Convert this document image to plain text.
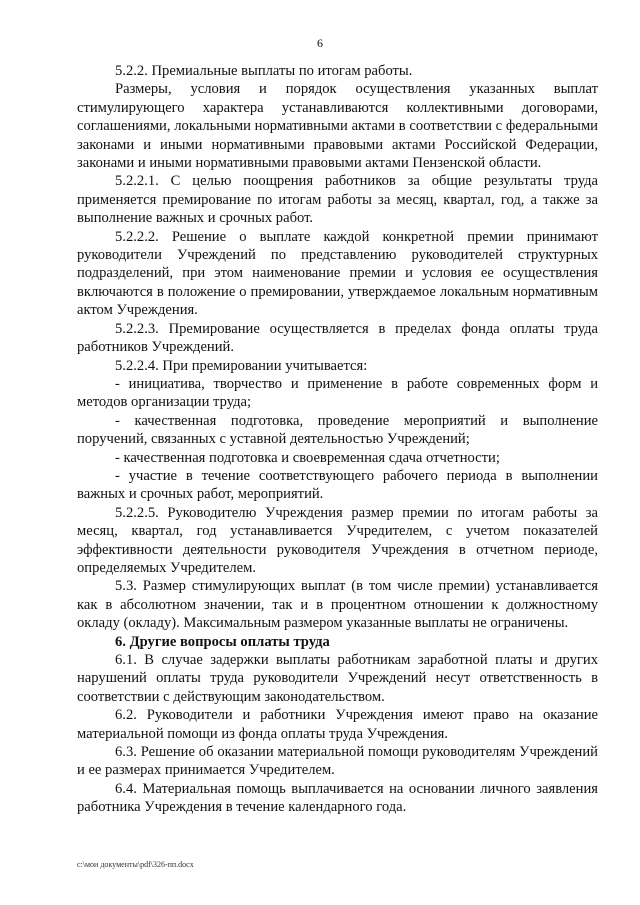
6

5.2.2. Премиальные выплаты по итогам работы.

Размеры, условия и порядок осуществления указанных выплат стимулирующего характера устанавливаются коллективными договорами, соглашениями, локальными нормативными актами в соответствии с федеральными законами и иными нормативными правовыми актами Российской Федерации, законами и иными нормативными правовыми актами Пензенской области.

5.2.2.1. С целью поощрения работников за общие результаты труда применяется премирование по итогам работы за месяц, квартал, год, а также за выполнение важных и срочных работ.

5.2.2.2. Решение о выплате каждой конкретной премии принимают руководители Учреждений по представлению руководителей структурных подразделений, при этом наименование премии и условия ее осуществления включаются в положение о премировании, утверждаемое локальным нормативным актом Учреждения.

5.2.2.3. Премирование осуществляется в пределах фонда оплаты труда работников Учреждений.

5.2.2.4. При премировании учитывается:

- инициатива, творчество и применение в работе современных форм и методов организации труда;

- качественная подготовка, проведение мероприятий и выполнение поручений, связанных с уставной деятельностью Учреждений;

- качественная подготовка и своевременная сдача отчетности;

- участие в течение соответствующего рабочего периода в выполнении важных и срочных работ, мероприятий.

5.2.2.5. Руководителю Учреждения размер премии по итогам работы за месяц, квартал, год устанавливается Учредителем, с учетом показателей эффективности деятельности руководителя Учреждения в отчетном периоде, определяемых Учредителем.

5.3. Размер стимулирующих выплат (в том числе премии) устанавливается как в абсолютном значении, так и в процентном отношении к должностному окладу (окладу). Максимальным размером указанные выплаты не ограничены.

6. Другие вопросы оплаты труда

6.1. В случае задержки выплаты работникам заработной платы и других нарушений оплаты труда руководители Учреждений несут ответственность в соответствии с действующим законодательством.

6.2. Руководители и работники Учреждения имеют право на оказание материальной помощи из фонда оплаты труда Учреждения.

6.3. Решение об оказании материальной помощи руководителям Учреждений и ее размерах принимается Учредителем.

6.4. Материальная помощь выплачивается на основании личного заявления работника Учреждения в течение календарного года.

c:\мои документы\pdf\326-пп.docx
